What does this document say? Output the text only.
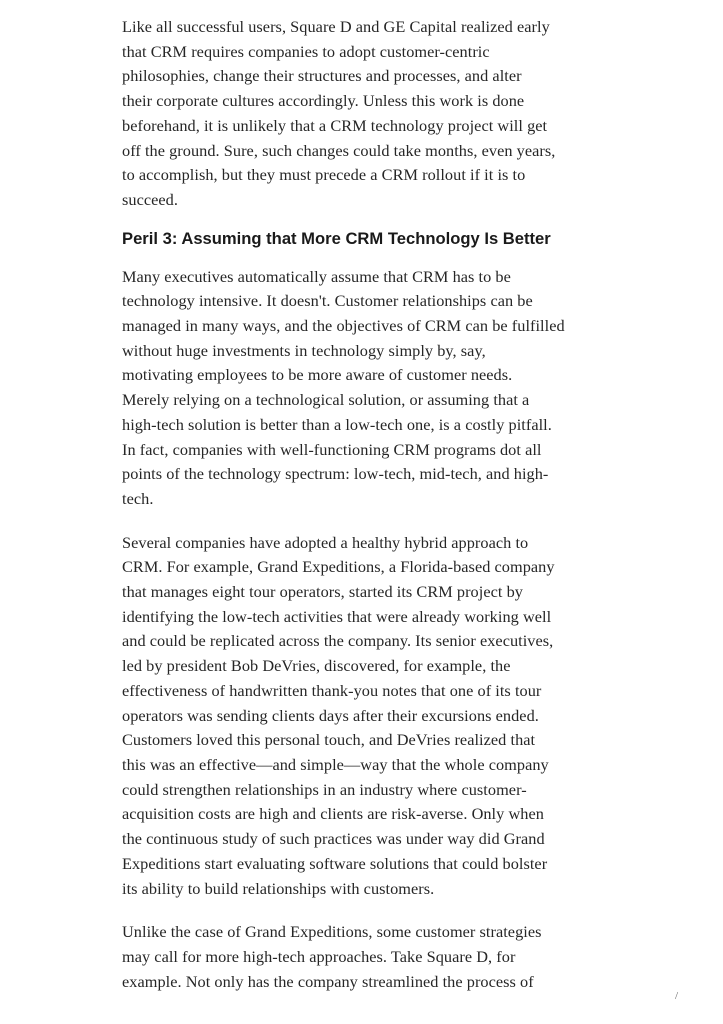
Like all successful users, Square D and GE Capital realized early
that CRM requires companies to adopt customer-centric
philosophies, change their structures and processes, and alter
their corporate cultures accordingly. Unless this work is done
beforehand, it is unlikely that a CRM technology project will get
off the ground. Sure, such changes could take months, even years,
to accomplish, but they must precede a CRM rollout if it is to
succeed.

Peril 3: Assuming that More CRM Technology Is Better

Many executives automatically assume that CRM has to be
technology intensive. It doesn't. Customer relationships can be
managed in many ways, and the objectives of CRM can be fulfilled
without huge investments in technology simply by, say,
motivating employees to be more aware of customer needs.
Merely relying on a technological solution, or assuming that a
high-tech solution is better than a low-tech one, is a costly pitfall.
In fact, companies with well-functioning CRM programs dot all
points of the technology spectrum: low-tech, mid-tech, and high-
tech.

Several companies have adopted a healthy hybrid approach to
CRM. For example, Grand Expeditions, a Florida-based company
that manages eight tour operators, started its CRM project by
identifying the low-tech activities that were already working well
and could be replicated across the company. Its senior executives,
led by president Bob DeVries, discovered, for example, the
effectiveness of handwritten thank-you notes that one of its tour
operators was sending clients days after their excursions ended.
Customers loved this personal touch, and DeVries realized that
this was an effective—and simple—way that the whole company
could strengthen relationships in an industry where customer-
acquisition costs are high and clients are risk-averse. Only when
the continuous study of such practices was under way did Grand
Expeditions start evaluating software solutions that could bolster
its ability to build relationships with customers.

Unlike the case of Grand Expeditions, some customer strategies
may call for more high-tech approaches. Take Square D, for
example. Not only has the company streamlined the process of

/
